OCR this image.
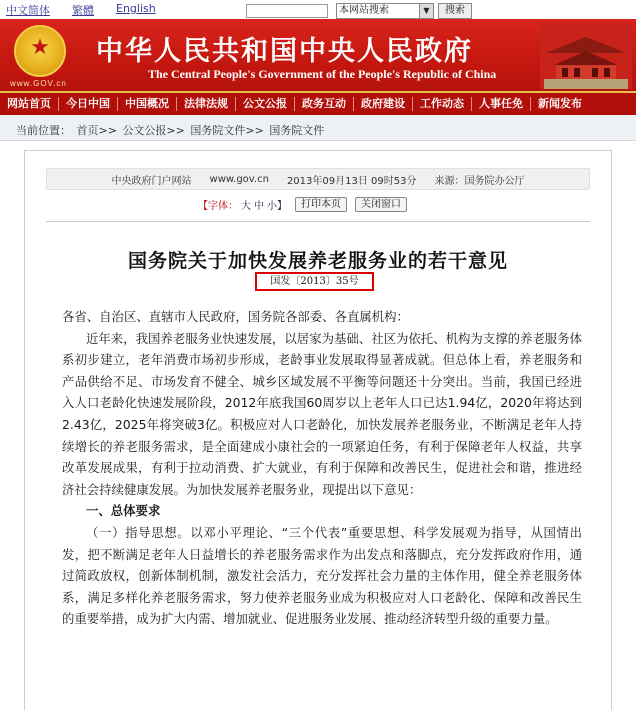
中文简体 繁體 English	本网站搜索	▼	搜索
★
www.GOV.cn
中华人民共和国中央人民政府
The Central People's Government of the People's Republic of China
网站首页	今日中国	中国概况	法律法规	公文公报	政务互动	政府建设	工作动态	人事任免	新闻发布
当前位置： 首页>> 公文公报>> 国务院文件>> 国务院文件
中央政府门户网站 www.gov.cn 2013年09月13日 09时53分 来源：国务院办公厅
【字体： 大 中 小】	打印本页	关闭窗口
国务院关于加快发展养老服务业的若干意见
国发〔2013〕35号

各省、自治区、直辖市人民政府，国务院各部委、各直属机构：

近年来，我国养老服务业快速发展，以居家为基础、社区为依托、机构为支撑的养老服务体系初步建立，老年消费市场初步形成，老龄事业发展取得显著成就。但总体上看，养老服务和产品供给不足、市场发育不健全、城乡区域发展不平衡等问题还十分突出。当前，我国已经进入人口老龄化快速发展阶段，2012年底我国60周岁以上老年人口已达1.94亿，2020年将达到2.43亿，2025年将突破3亿。积极应对人口老龄化，加快发展养老服务业，不断满足老年人持续增长的养老服务需求，是全面建成小康社会的一项紧迫任务，有利于保障老年人权益，共享改革发展成果，有利于拉动消费、扩大就业，有利于保障和改善民生，促进社会和谐，推进经济社会持续健康发展。为加快发展养老服务业，现提出以下意见：

一、总体要求

（一）指导思想。以邓小平理论、“三个代表”重要思想、科学发展观为指导，从国情出发，把不断满足老年人日益增长的养老服务需求作为出发点和落脚点，充分发挥政府作用，通过简政放权，创新体制机制，激发社会活力，充分发挥社会力量的主体作用，健全养老服务体系，满足多样化养老服务需求，努力使养老服务业成为积极应对人口老龄化、保障和改善民生的重要举措，成为扩大内需、增加就业、促进服务业发展、推动经济转型升级的重要力量。
